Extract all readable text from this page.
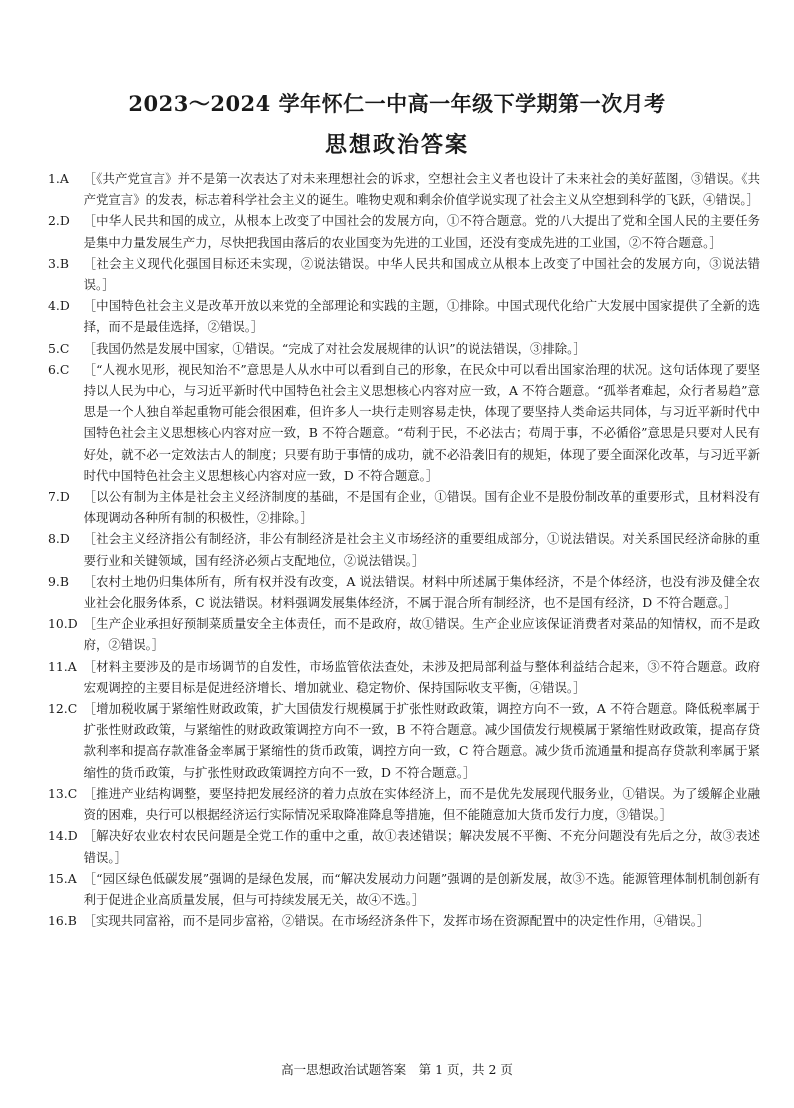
2023～2024 学年怀仁一中高一年级下学期第一次月考
思想政治答案
1.A	［《共产党宣言》并不是第一次表达了对未来理想社会的诉求，空想社会主义者也设计了未来社会的美好蓝图，③错误。《共产党宣言》的发表，标志着科学社会主义的诞生。唯物史观和剩余价值学说实现了社会主义从空想到科学的飞跃，④错误。］
2.D	［中华人民共和国的成立，从根本上改变了中国社会的发展方向，①不符合题意。党的八大提出了党和全国人民的主要任务是集中力量发展生产力，尽快把我国由落后的农业国变为先进的工业国，还没有变成先进的工业国，②不符合题意。］
3.B	［社会主义现代化强国目标还未实现，②说法错误。中华人民共和国成立从根本上改变了中国社会的发展方向，③说法错误。］
4.D	［中国特色社会主义是改革开放以来党的全部理论和实践的主题，①排除。中国式现代化给广大发展中国家提供了全新的选择，而不是最佳选择，②错误。］
5.C	［我国仍然是发展中国家，①错误。“完成了对社会发展规律的认识”的说法错误，③排除。］
6.C	［“人视水见形，视民知治不”意思是人从水中可以看到自己的形象，在民众中可以看出国家治理的状况。这句话体现了要坚持以人民为中心，与习近平新时代中国特色社会主义思想核心内容对应一致，A 不符合题意。“孤举者难起，众行者易趋”意思是一个人独自举起重物可能会很困难，但许多人一块行走则容易走快，体现了要坚持人类命运共同体，与习近平新时代中国特色社会主义思想核心内容对应一致，B 不符合题意。“苟利于民，不必法古；苟周于事，不必循俗”意思是只要对人民有好处，就不必一定效法古人的制度；只要有助于事情的成功，就不必沿袭旧有的规矩，体现了要全面深化改革，与习近平新时代中国特色社会主义思想核心内容对应一致，D 不符合题意。］
7.D	［以公有制为主体是社会主义经济制度的基础，不是国有企业，①错误。国有企业不是股份制改革的重要形式，且材料没有体现调动各种所有制的积极性，②排除。］
8.D	［社会主义经济指公有制经济，非公有制经济是社会主义市场经济的重要组成部分，①说法错误。对关系国民经济命脉的重要行业和关键领域，国有经济必须占支配地位，②说法错误。］
9.B	［农村土地仍归集体所有，所有权并没有改变，A 说法错误。材料中所述属于集体经济，不是个体经济，也没有涉及健全农业社会化服务体系，C 说法错误。材料强调发展集体经济，不属于混合所有制经济，也不是国有经济，D 不符合题意。］
10.D ［生产企业承担好预制菜质量安全主体责任，而不是政府，故①错误。生产企业应该保证消费者对菜品的知情权，而不是政府，②错误。］
11.A ［材料主要涉及的是市场调节的自发性，市场监管依法查处，未涉及把局部利益与整体利益结合起来，③不符合题意。政府宏观调控的主要目标是促进经济增长、增加就业、稳定物价、保持国际收支平衡，④错误。］
12.C ［增加税收属于紧缩性财政政策，扩大国债发行规模属于扩张性财政政策，调控方向不一致，A 不符合题意。降低税率属于扩张性财政政策，与紧缩性的财政政策调控方向不一致，B 不符合题意。减少国债发行规模属于紧缩性财政政策，提高存贷款利率和提高存款准备金率属于紧缩性的货币政策，调控方向一致，C 符合题意。减少货币流通量和提高存贷款利率属于紧缩性的货币政策，与扩张性财政政策调控方向不一致，D 不符合题意。］
13.C ［推进产业结构调整，要坚持把发展经济的着力点放在实体经济上，而不是优先发展现代服务业，①错误。为了缓解企业融资的困难，央行可以根据经济运行实际情况采取降准降息等措施，但不能随意加大货币发行力度，③错误。］
14.D ［解决好农业农村农民问题是全党工作的重中之重，故①表述错误；解决发展不平衡、不充分问题没有先后之分，故③表述错误。］
15.A ［“园区绿色低碳发展”强调的是绿色发展，而“解决发展动力问题”强调的是创新发展，故③不选。能源管理体制机制创新有利于促进企业高质量发展，但与可持续发展无关，故④不选。］
16.B ［实现共同富裕，而不是同步富裕，②错误。在市场经济条件下，发挥市场在资源配置中的决定性作用，④错误。］
高一思想政治试题答案　第 1 页，共 2 页
